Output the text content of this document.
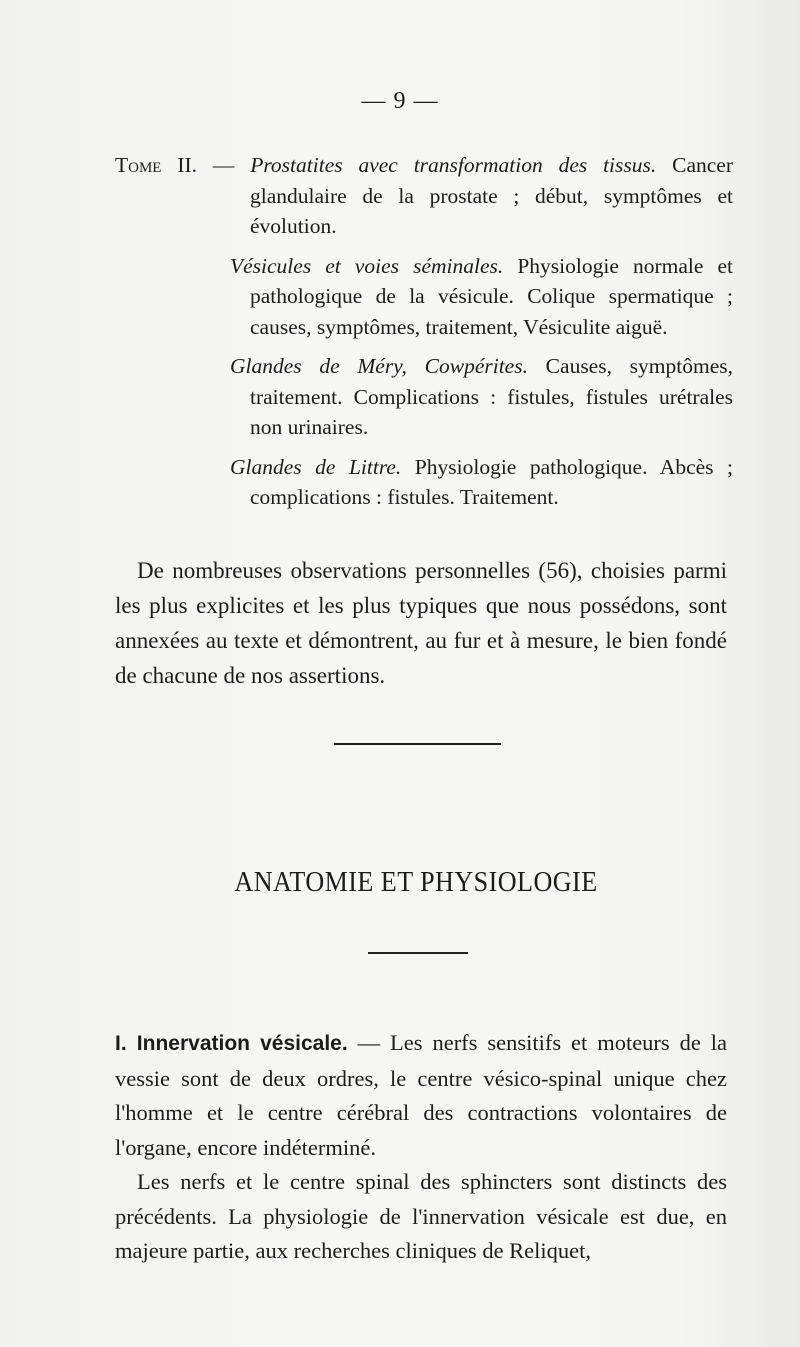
— 9 —
Tome II. — Prostatites avec transformation des tissus. Cancer glandulaire de la prostate ; début, symptômes et évolution.
Vésicules et voies séminales. Physiologie normale et pathologique de la vésicule. Colique spermatique ; causes, symptômes, traitement, Vésiculite aiguë.
Glandes de Méry, Cowpérites. Causes, symptômes, traitement. Complications : fistules, fistules urétrales non urinaires.
Glandes de Littre. Physiologie pathologique. Abcès ; complications : fistules. Traitement.
De nombreuses observations personnelles (56), choisies parmi les plus explicites et les plus typiques que nous possédons, sont annexées au texte et démontrent, au fur et à mesure, le bien fondé de chacune de nos assertions.
ANATOMIE ET PHYSIOLOGIE

I. Innervation vésicale. — Les nerfs sensitifs et moteurs de la vessie sont de deux ordres, le centre vésico-spinal unique chez l'homme et le centre cérébral des contractions volontaires de l'organe, encore indéterminé.

Les nerfs et le centre spinal des sphincters sont distincts des précédents. La physiologie de l'innervation vésicale est due, en majeure partie, aux recherches cliniques de Reliquet,
